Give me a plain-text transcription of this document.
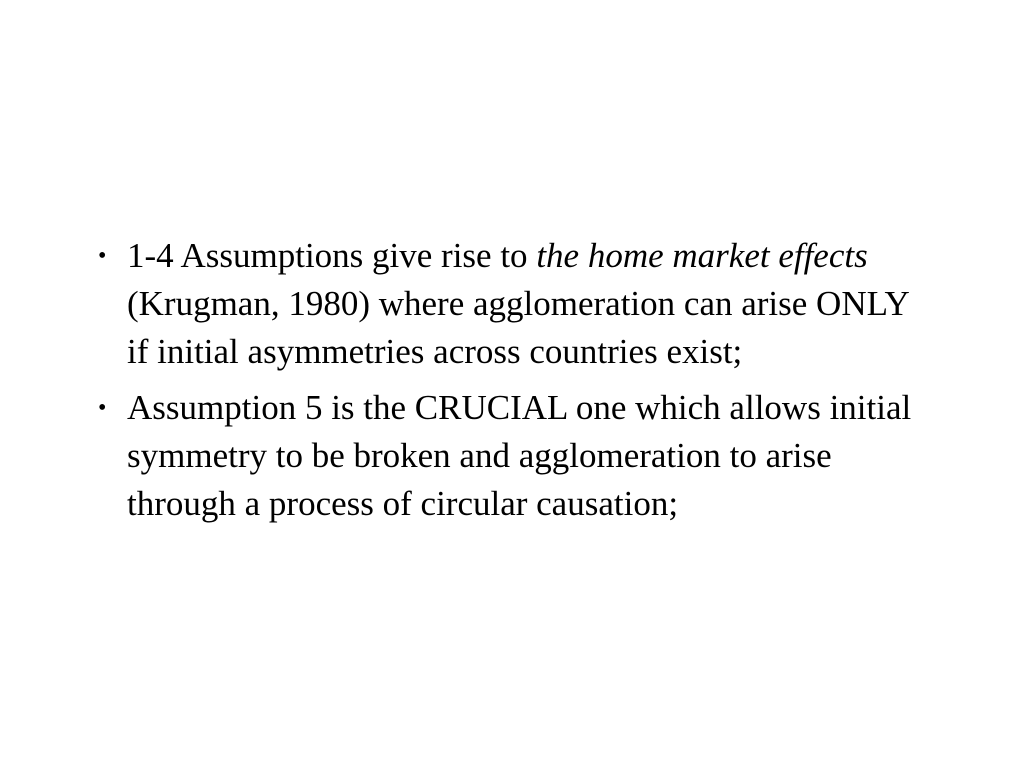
• 1-4 Assumptions give rise to the home market effects (Krugman, 1980) where agglomeration can arise ONLY if initial asymmetries across countries exist;
• Assumption 5 is the CRUCIAL one which allows initial symmetry to be broken and agglomeration to arise through a process of circular causation;
